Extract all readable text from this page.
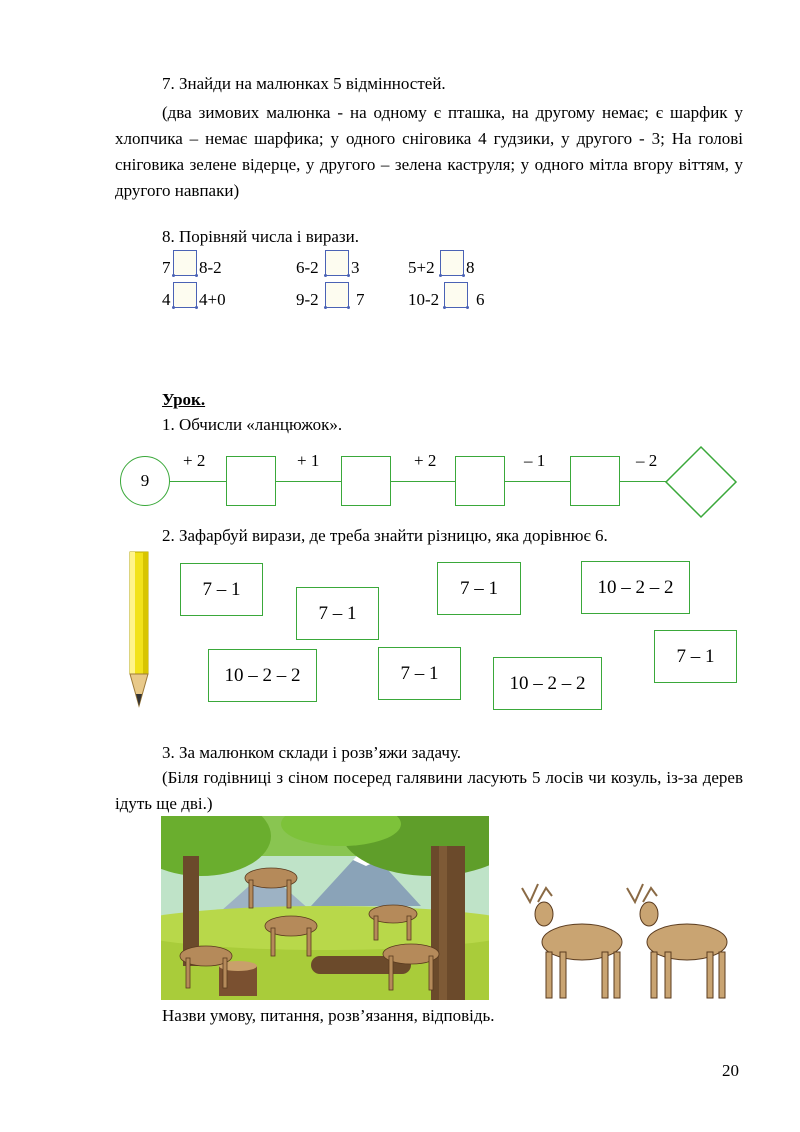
7. Знайди на малюнках 5 відмінностей.
(два зимових малюнка - на одному є пташка, на другому немає; є шарфик у хлопчика – немає шарфика; у одного сніговика 4 гудзики, у другого - 3; На голові сніговика зелене відерце, у другого – зелена каструля; у одного мітла вгору віттям, у другого навпаки)
8. Порівняй числа і вирази.
7 8-2	6-2 3	5+2 8
4 4+0	9-2 7	10-2 6
Урок.
1. Обчисли «ланцюжок».
9
+ 2	+ 1	+ 2	– 1	– 2
2. Зафарбуй вирази, де треба знайти різницю, яка дорівнює 6.
7 – 1
7 – 1
7 – 1	10 – 2 – 2
10 – 2 – 2	7 – 1	10 – 2 – 2
7 – 1
3. За малюнком склади і розв’яжи задачу.
(Біля годівниці з сіном посеред галявини ласують 5 лосів чи козуль, із-за дерев ідуть ще дві.)
Назви умову, питання, розв’язання, відповідь.
20
